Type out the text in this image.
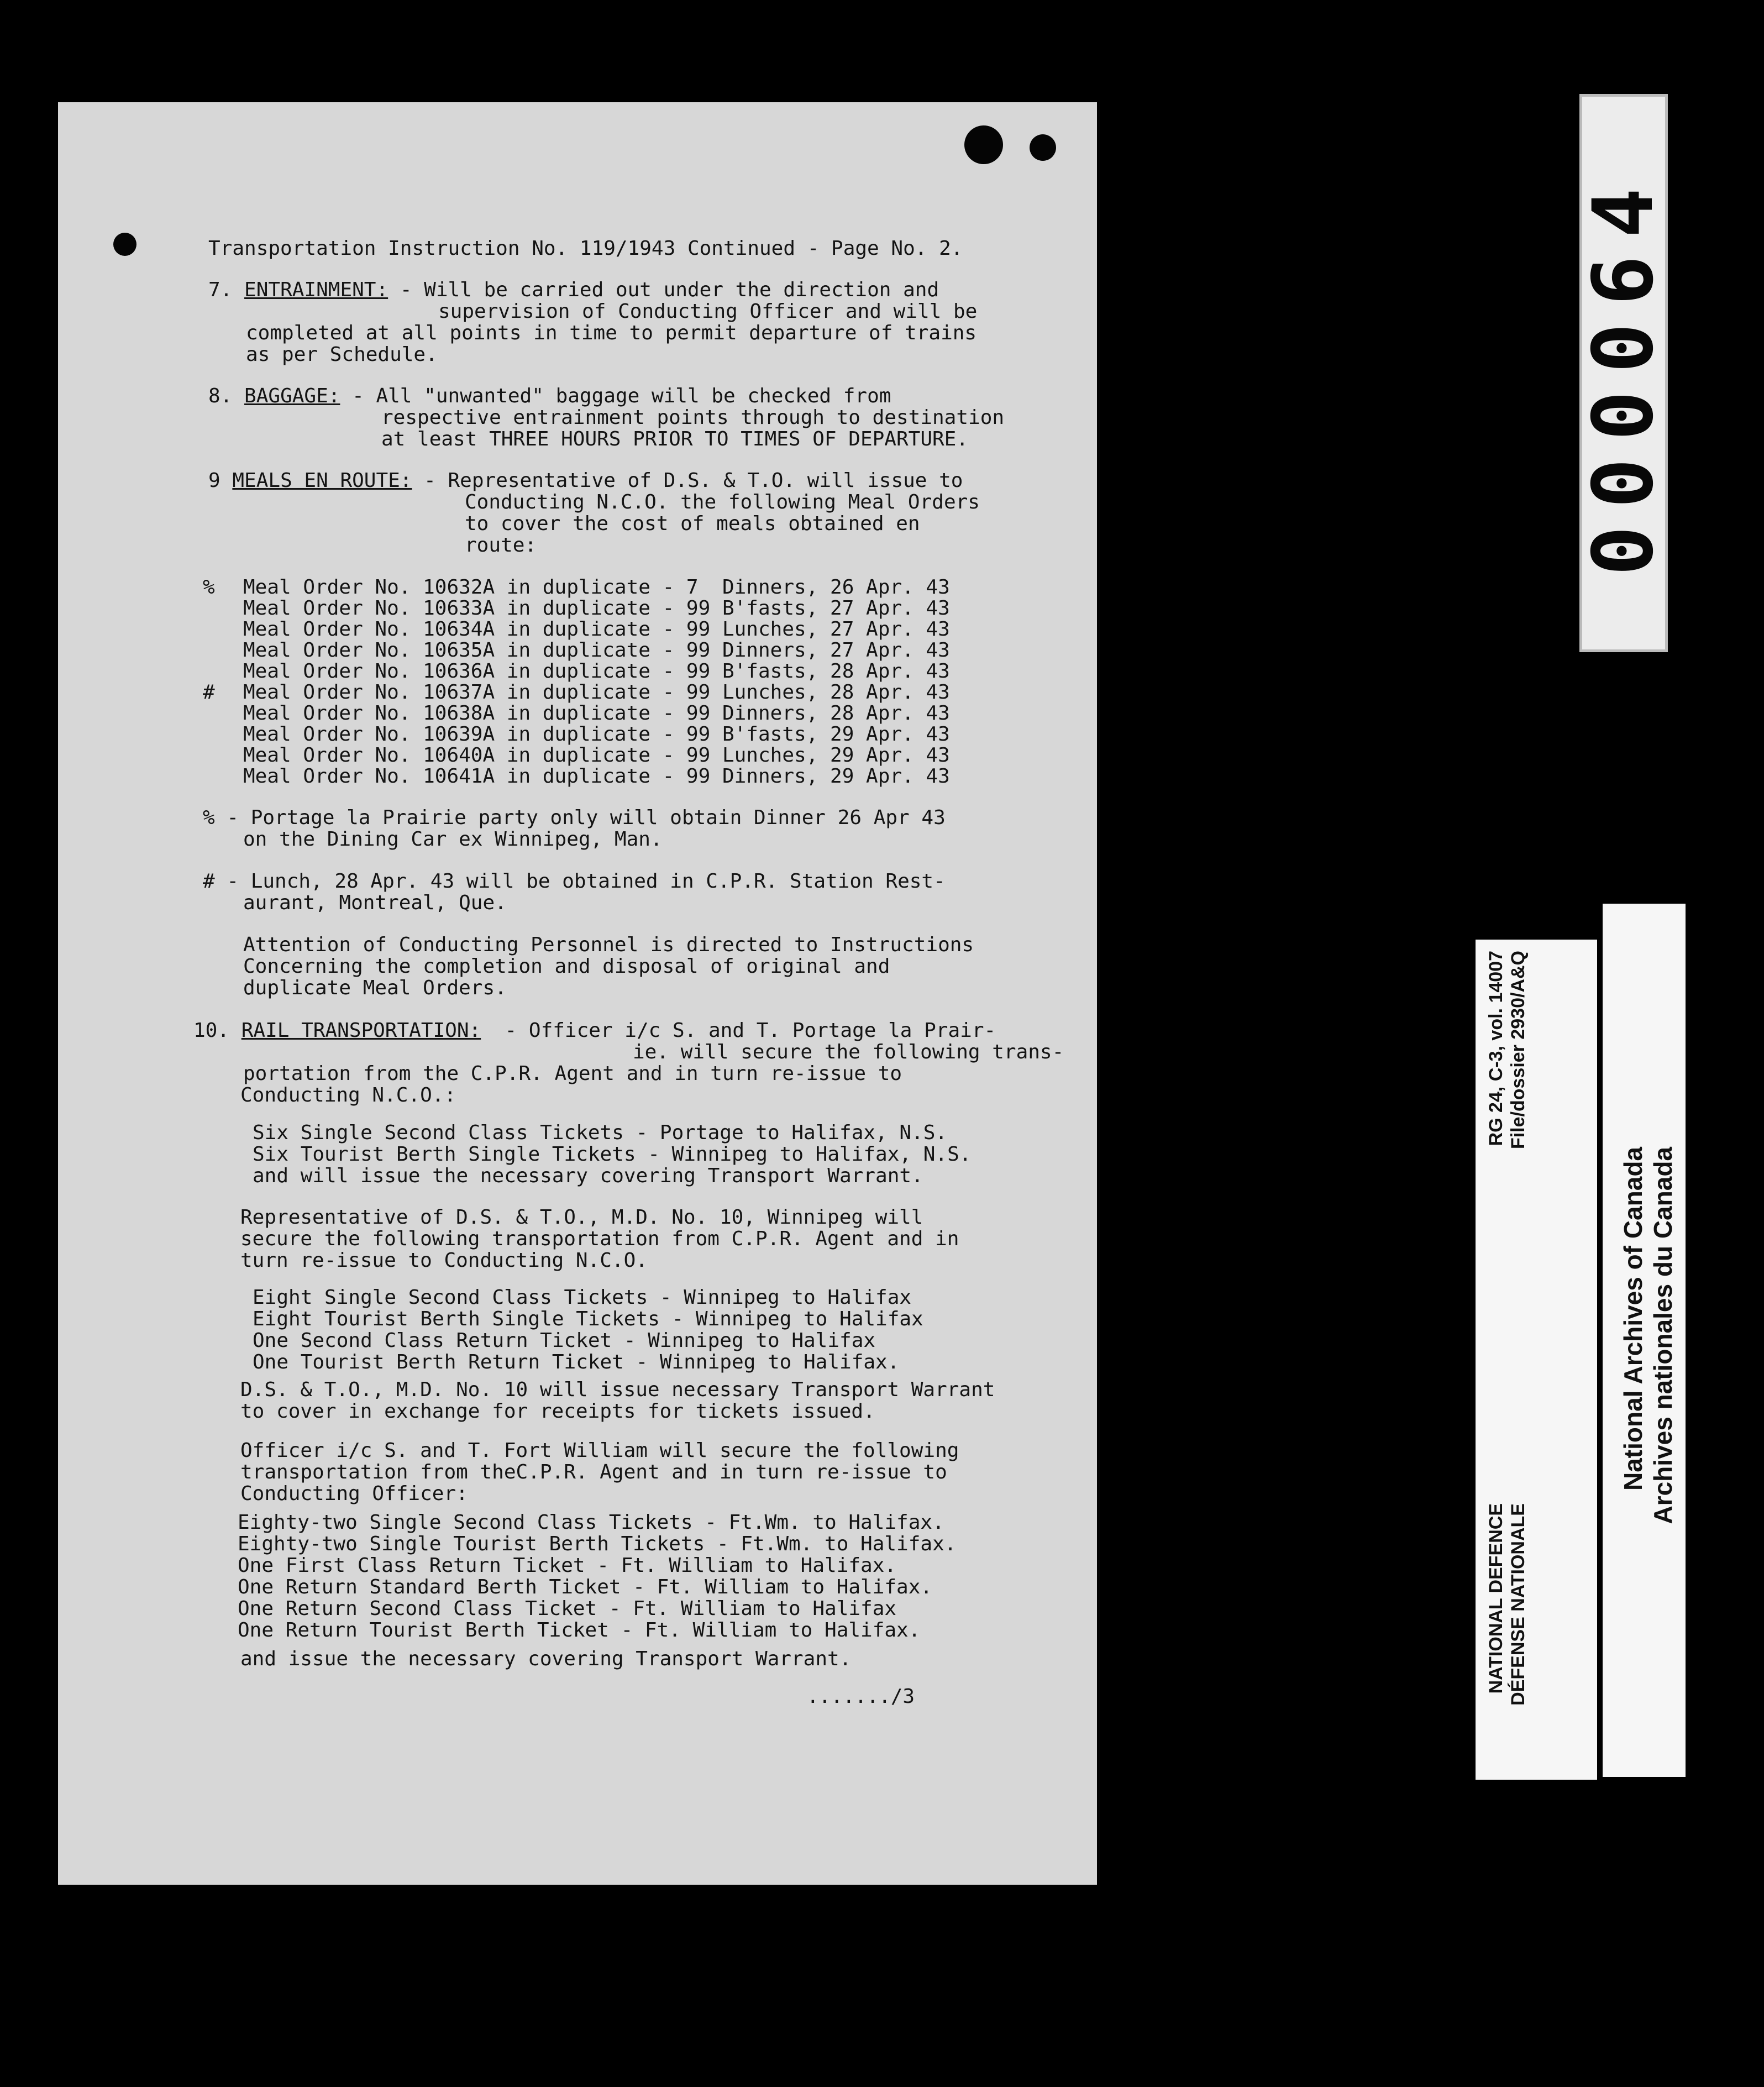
Transportation Instruction No. 119/1943 Continued - Page No. 2.

7. ENTRAINMENT: - Will be carried out under the direction and

supervision of Conducting Officer and will be

completed at all points in time to permit departure of trains

as per Schedule.

8. BAGGAGE: - All "unwanted" baggage will be checked from

respective entrainment points through to destination

at least THREE HOURS PRIOR TO TIMES OF DEPARTURE.

9 MEALS EN ROUTE: - Representative of D.S. & T.O. will issue to

Conducting N.C.O. the following Meal Orders

to cover the cost of meals obtained en

route:

%

Meal Order No. 10632A in duplicate - 7  Dinners, 26 Apr. 43

Meal Order No. 10633A in duplicate - 99 B'fasts, 27 Apr. 43

Meal Order No. 10634A in duplicate - 99 Lunches, 27 Apr. 43

Meal Order No. 10635A in duplicate - 99 Dinners, 27 Apr. 43

Meal Order No. 10636A in duplicate - 99 B'fasts, 28 Apr. 43

#

Meal Order No. 10637A in duplicate - 99 Lunches, 28 Apr. 43

Meal Order No. 10638A in duplicate - 99 Dinners, 28 Apr. 43

Meal Order No. 10639A in duplicate - 99 B'fasts, 29 Apr. 43

Meal Order No. 10640A in duplicate - 99 Lunches, 29 Apr. 43

Meal Order No. 10641A in duplicate - 99 Dinners, 29 Apr. 43

% - Portage la Prairie party only will obtain Dinner 26 Apr 43

on the Dining Car ex Winnipeg, Man.

# - Lunch, 28 Apr. 43 will be obtained in C.P.R. Station Rest-

aurant, Montreal, Que.

Attention of Conducting Personnel is directed to Instructions

Concerning the completion and disposal of original and

duplicate Meal Orders.

10. RAIL TRANSPORTATION:  - Officer i/c S. and T. Portage la Prair-

ie. will secure the following trans-

portation from the C.P.R. Agent and in turn re-issue to

Conducting N.C.O.:

Six Single Second Class Tickets - Portage to Halifax, N.S.

Six Tourist Berth Single Tickets - Winnipeg to Halifax, N.S.

and will issue the necessary covering Transport Warrant.

Representative of D.S. & T.O., M.D. No. 10, Winnipeg will

secure the following transportation from C.P.R. Agent and in

turn re-issue to Conducting N.C.O.

Eight Single Second Class Tickets - Winnipeg to Halifax

Eight Tourist Berth Single Tickets - Winnipeg to Halifax

One Second Class Return Ticket - Winnipeg to Halifax

One Tourist Berth Return Ticket - Winnipeg to Halifax.

D.S. & T.O., M.D. No. 10 will issue necessary Transport Warrant

to cover in exchange for receipts for tickets issued.

Officer i/c S. and T. Fort William will secure the following

transportation from theC.P.R. Agent and in turn re-issue to

Conducting Officer:

Eighty-two Single Second Class Tickets - Ft.Wm. to Halifax.

Eighty-two Single Tourist Berth Tickets - Ft.Wm. to Halifax.

One First Class Return Ticket - Ft. William to Halifax.

One Return Standard Berth Ticket - Ft. William to Halifax.

One Return Second Class Ticket - Ft. William to Halifax

One Return Tourist Berth Ticket - Ft. William to Halifax.

and issue the necessary covering Transport Warrant.

......./3

000064
RG 24, C-3, vol. 14007 File/dossier 2930/A&Q
NATIONAL DEFENCE DÉFENSE NATIONALE
National Archives of Canada Archives nationales du Canada
